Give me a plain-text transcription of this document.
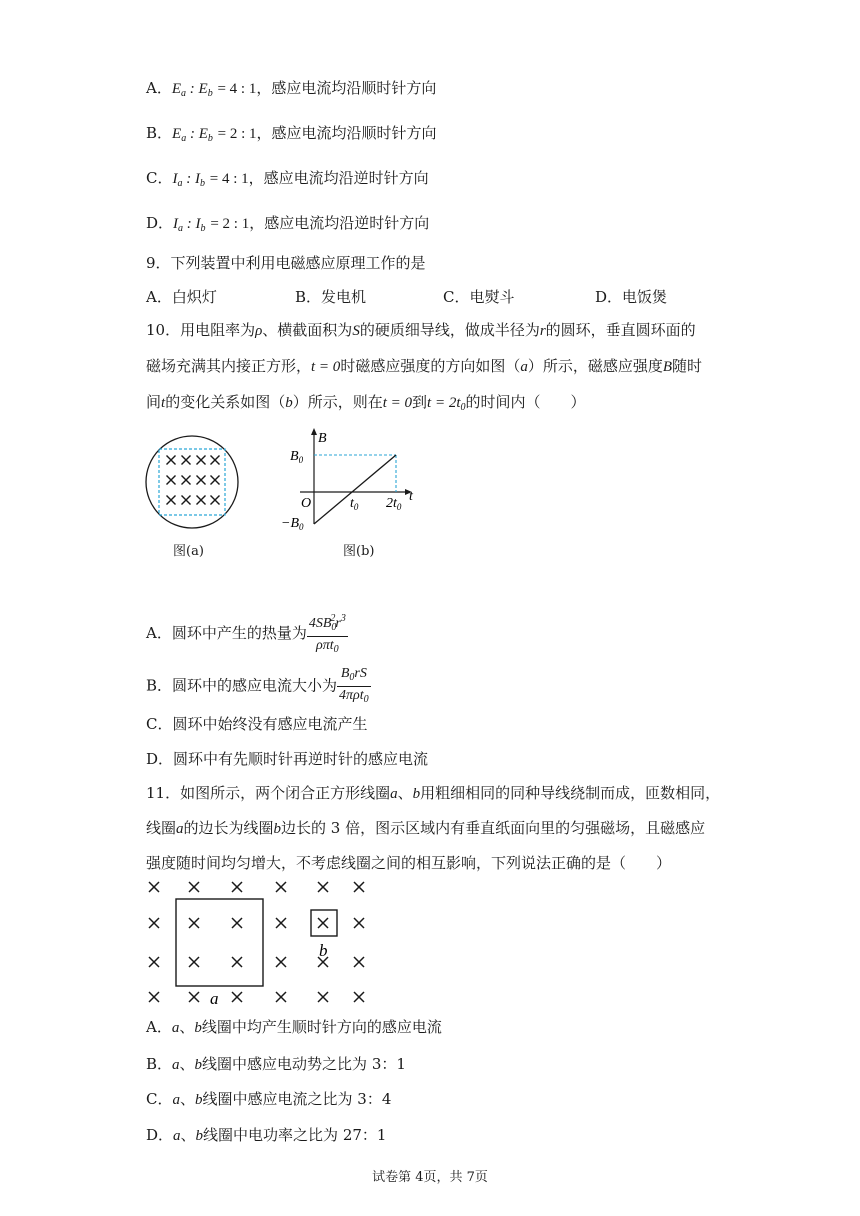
A．$E_a$ : $E_b = 4$ : 1，感应电流均沿顺时针方向
B．$E_a$ : $E_b = 2$ : 1，感应电流均沿顺时针方向
C．$I_a$ : $I_b = 4$ : 1，感应电流均沿逆时针方向
D．$I_a$ : $I_b = 2$ : 1，感应电流均沿逆时针方向
9．下列装置中利用电磁感应原理工作的是
A．白炽灯	B．发电机	C．电熨斗	D．电饭煲
10．用电阻率为ρ、横截面积为S的硬质细导线，做成半径为r的圆环，垂直圆环面的
磁场充满其内接正方形，t = 0时磁感应强度的方向如图（a）所示，磁感应强度B随时
间t的变化关系如图（b）所示，则在t = 0到$t = 2t_0$的时间内（　　）
图(a)
B
$B_0$
$-B_0$
O	$t_0$ $2t_0$
t
图(b)
A．圆环中产生的热量为 $\frac{4SB_0^2r^3}{\rho\pi t_0}$
B．圆环中的感应电流大小为 $\frac{B_0rS}{4\pi\rho t_0}$
C．圆环中始终没有感应电流产生
D．圆环中有先顺时针再逆时针的感应电流
11．如图所示，两个闭合正方形线圈a、b用粗细相同的同种导线绕制而成，匝数相同，
线圈a的边长为线圈b边长的 3 倍，图示区域内有垂直纸面向里的匀强磁场，且磁感应
强度随时间均匀增大，不考虑线圈之间的相互影响，下列说法正确的是（　　）
a
b
A．a、b线圈中均产生顺时针方向的感应电流
B．a、b线圈中感应电动势之比为 3：1
C．a、b线圈中感应电流之比为 3：4
D．a、b线圈中电功率之比为 27：1
试卷第 4页，共 7页
